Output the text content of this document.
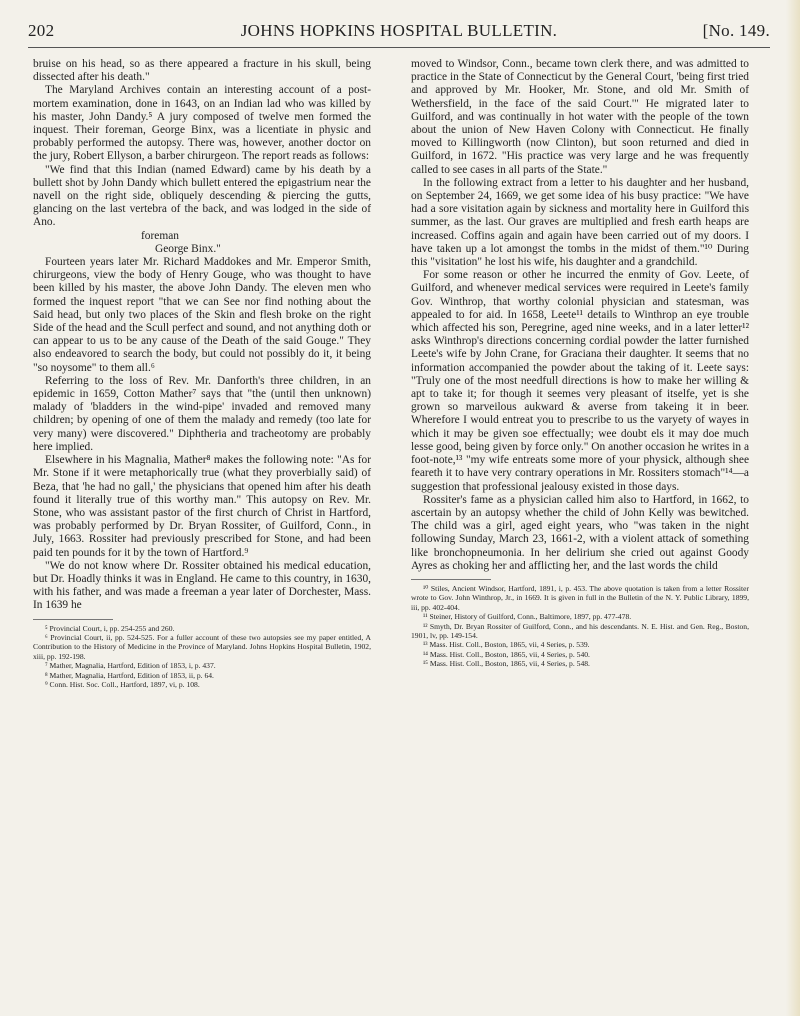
202	JOHNS HOPKINS HOSPITAL BULLETIN.	[No. 149.

bruise on his head, so as there appeared a fracture in his skull, being dissected after his death."

The Maryland Archives contain an interesting account of a post-mortem examination, done in 1643, on an Indian lad who was killed by his master, John Dandy.⁵ A jury composed of twelve men formed the inquest. Their foreman, George Binx, was a licentiate in physic and probably performed the autopsy. There was, however, another doctor on the jury, Robert Ellyson, a barber chirurgeon. The report reads as follows:

"We find that this Indian (named Edward) came by his death by a bullett shot by John Dandy which bullett entered the epigastrium near the navell on the right side, obliquely descending & piercing the gutts, glancing on the last vertebra of the back, and was lodged in the side of Ano.

foreman

George Binx."

Fourteen years later Mr. Richard Maddokes and Mr. Emperor Smith, chirurgeons, view the body of Henry Gouge, who was thought to have been killed by his master, the above John Dandy. The eleven men who formed the inquest report "that we can See nor find nothing about the Said head, but only two places of the Skin and flesh broke on the right Side of the head and the Scull perfect and sound, and not anything doth or can appear to us to be any cause of the Death of the said Gouge." They also endeavored to search the body, but could not possibly do it, it being "so noysome" to them all.⁶

Referring to the loss of Rev. Mr. Danforth's three children, in an epidemic in 1659, Cotton Mather⁷ says that "the (until then unknown) malady of 'bladders in the wind-pipe' invaded and removed many children; by opening of one of them the malady and remedy (too late for very many) were discovered." Diphtheria and tracheotomy are probably here implied.

Elsewhere in his Magnalia, Mather⁸ makes the following note: "As for Mr. Stone if it were metaphorically true (what they proverbially said) of Beza, that 'he had no gall,' the physicians that opened him after his death found it literally true of this worthy man." This autopsy on Rev. Mr. Stone, who was assistant pastor of the first church of Christ in Hartford, was probably performed by Dr. Bryan Rossiter, of Guilford, Conn., in July, 1663. Rossiter had previously prescribed for Stone, and had been paid ten pounds for it by the town of Hartford.⁹

"We do not know where Dr. Rossiter obtained his medical education, but Dr. Hoadly thinks it was in England. He came to this country, in 1630, with his father, and was made a freeman a year later of Dorchester, Mass. In 1639 he

⁵ Provincial Court, i, pp. 254-255 and 260.

⁶ Provincial Court, ii, pp. 524-525. For a fuller account of these two autopsies see my paper entitled, A Contribution to the History of Medicine in the Province of Maryland. Johns Hopkins Hospital Bulletin, 1902, xiii, pp. 192-198.

⁷ Mather, Magnalia, Hartford, Edition of 1853, i, p. 437.

⁸ Mather, Magnalia, Hartford, Edition of 1853, ii, p. 64.

⁹ Conn. Hist. Soc. Coll., Hartford, 1897, vi, p. 108.

moved to Windsor, Conn., became town clerk there, and was admitted to practice in the State of Connecticut by the General Court, 'being first tried and approved by Mr. Hooker, Mr. Stone, and old Mr. Smith of Wethersfield, in the face of the said Court.'" He migrated later to Guilford, and was continually in hot water with the people of the town about the union of New Haven Colony with Connecticut. He finally moved to Killingworth (now Clinton), but soon returned and died in Guilford, in 1672. "His practice was very large and he was frequently called to see cases in all parts of the State."

In the following extract from a letter to his daughter and her husband, on September 24, 1669, we get some idea of his busy practice: "We have had a sore visitation again by sickness and mortality here in Guilford this summer, as the last. Our graves are multiplied and fresh earth heaps are increased. Coffins again and again have been carried out of my doors. I have taken up a lot amongst the tombs in the midst of them."¹⁰ During this "visitation" he lost his wife, his daughter and a grandchild.

For some reason or other he incurred the enmity of Gov. Leete, of Guilford, and whenever medical services were required in Leete's family Gov. Winthrop, that worthy colonial physician and statesman, was appealed to for aid. In 1658, Leete¹¹ details to Winthrop an eye trouble which affected his son, Peregrine, aged nine weeks, and in a later letter¹² asks Winthrop's directions concerning cordial powder the latter furnished Leete's wife by John Crane, for Graciana their daughter. It seems that no information accompanied the powder about the taking of it. Leete says: "Truly one of the most needfull directions is how to make her willing & apt to take it; for though it seemes very pleasant of itselfe, yet is she grown so marveilous aukward & averse from takeing it in beer. Wherefore I would entreat you to prescribe to us the varyety of wayes in which it may be given soe effectually; wee doubt els it may doe much lesse good, being given by force only." On another occasion he writes in a foot-note,¹³ "my wife entreats some more of your physick, although shee feareth it to have very contrary operations in Mr. Rossiters stomach"¹⁴—a suggestion that professional jealousy existed in those days.

Rossiter's fame as a physician called him also to Hartford, in 1662, to ascertain by an autopsy whether the child of John Kelly was bewitched. The child was a girl, aged eight years, who "was taken in the night following Sunday, March 23, 1661-2, with a violent attack of something like bronchopneumonia. In her delirium she cried out against Goody Ayres as choking her and afflicting her, and the last words the child

¹⁰ Stiles, Ancient Windsor, Hartford, 1891, i, p. 453. The above quotation is taken from a letter Rossiter wrote to Gov. John Winthrop, Jr., in 1669. It is given in full in the Bulletin of the N. Y. Public Library, 1899, iii, pp. 402-404.

¹¹ Steiner, History of Guilford, Conn., Baltimore, 1897, pp. 477-478.

¹² Smyth, Dr. Bryan Rossiter of Guilford, Conn., and his descendants. N. E. Hist. and Gen. Reg., Boston, 1901, lv, pp. 149-154.

¹³ Mass. Hist. Coll., Boston, 1865, vii, 4 Series, p. 539.

¹⁴ Mass. Hist. Coll., Boston, 1865, vii, 4 Series, p. 540.

¹⁵ Mass. Hist. Coll., Boston, 1865, vii, 4 Series, p. 548.
